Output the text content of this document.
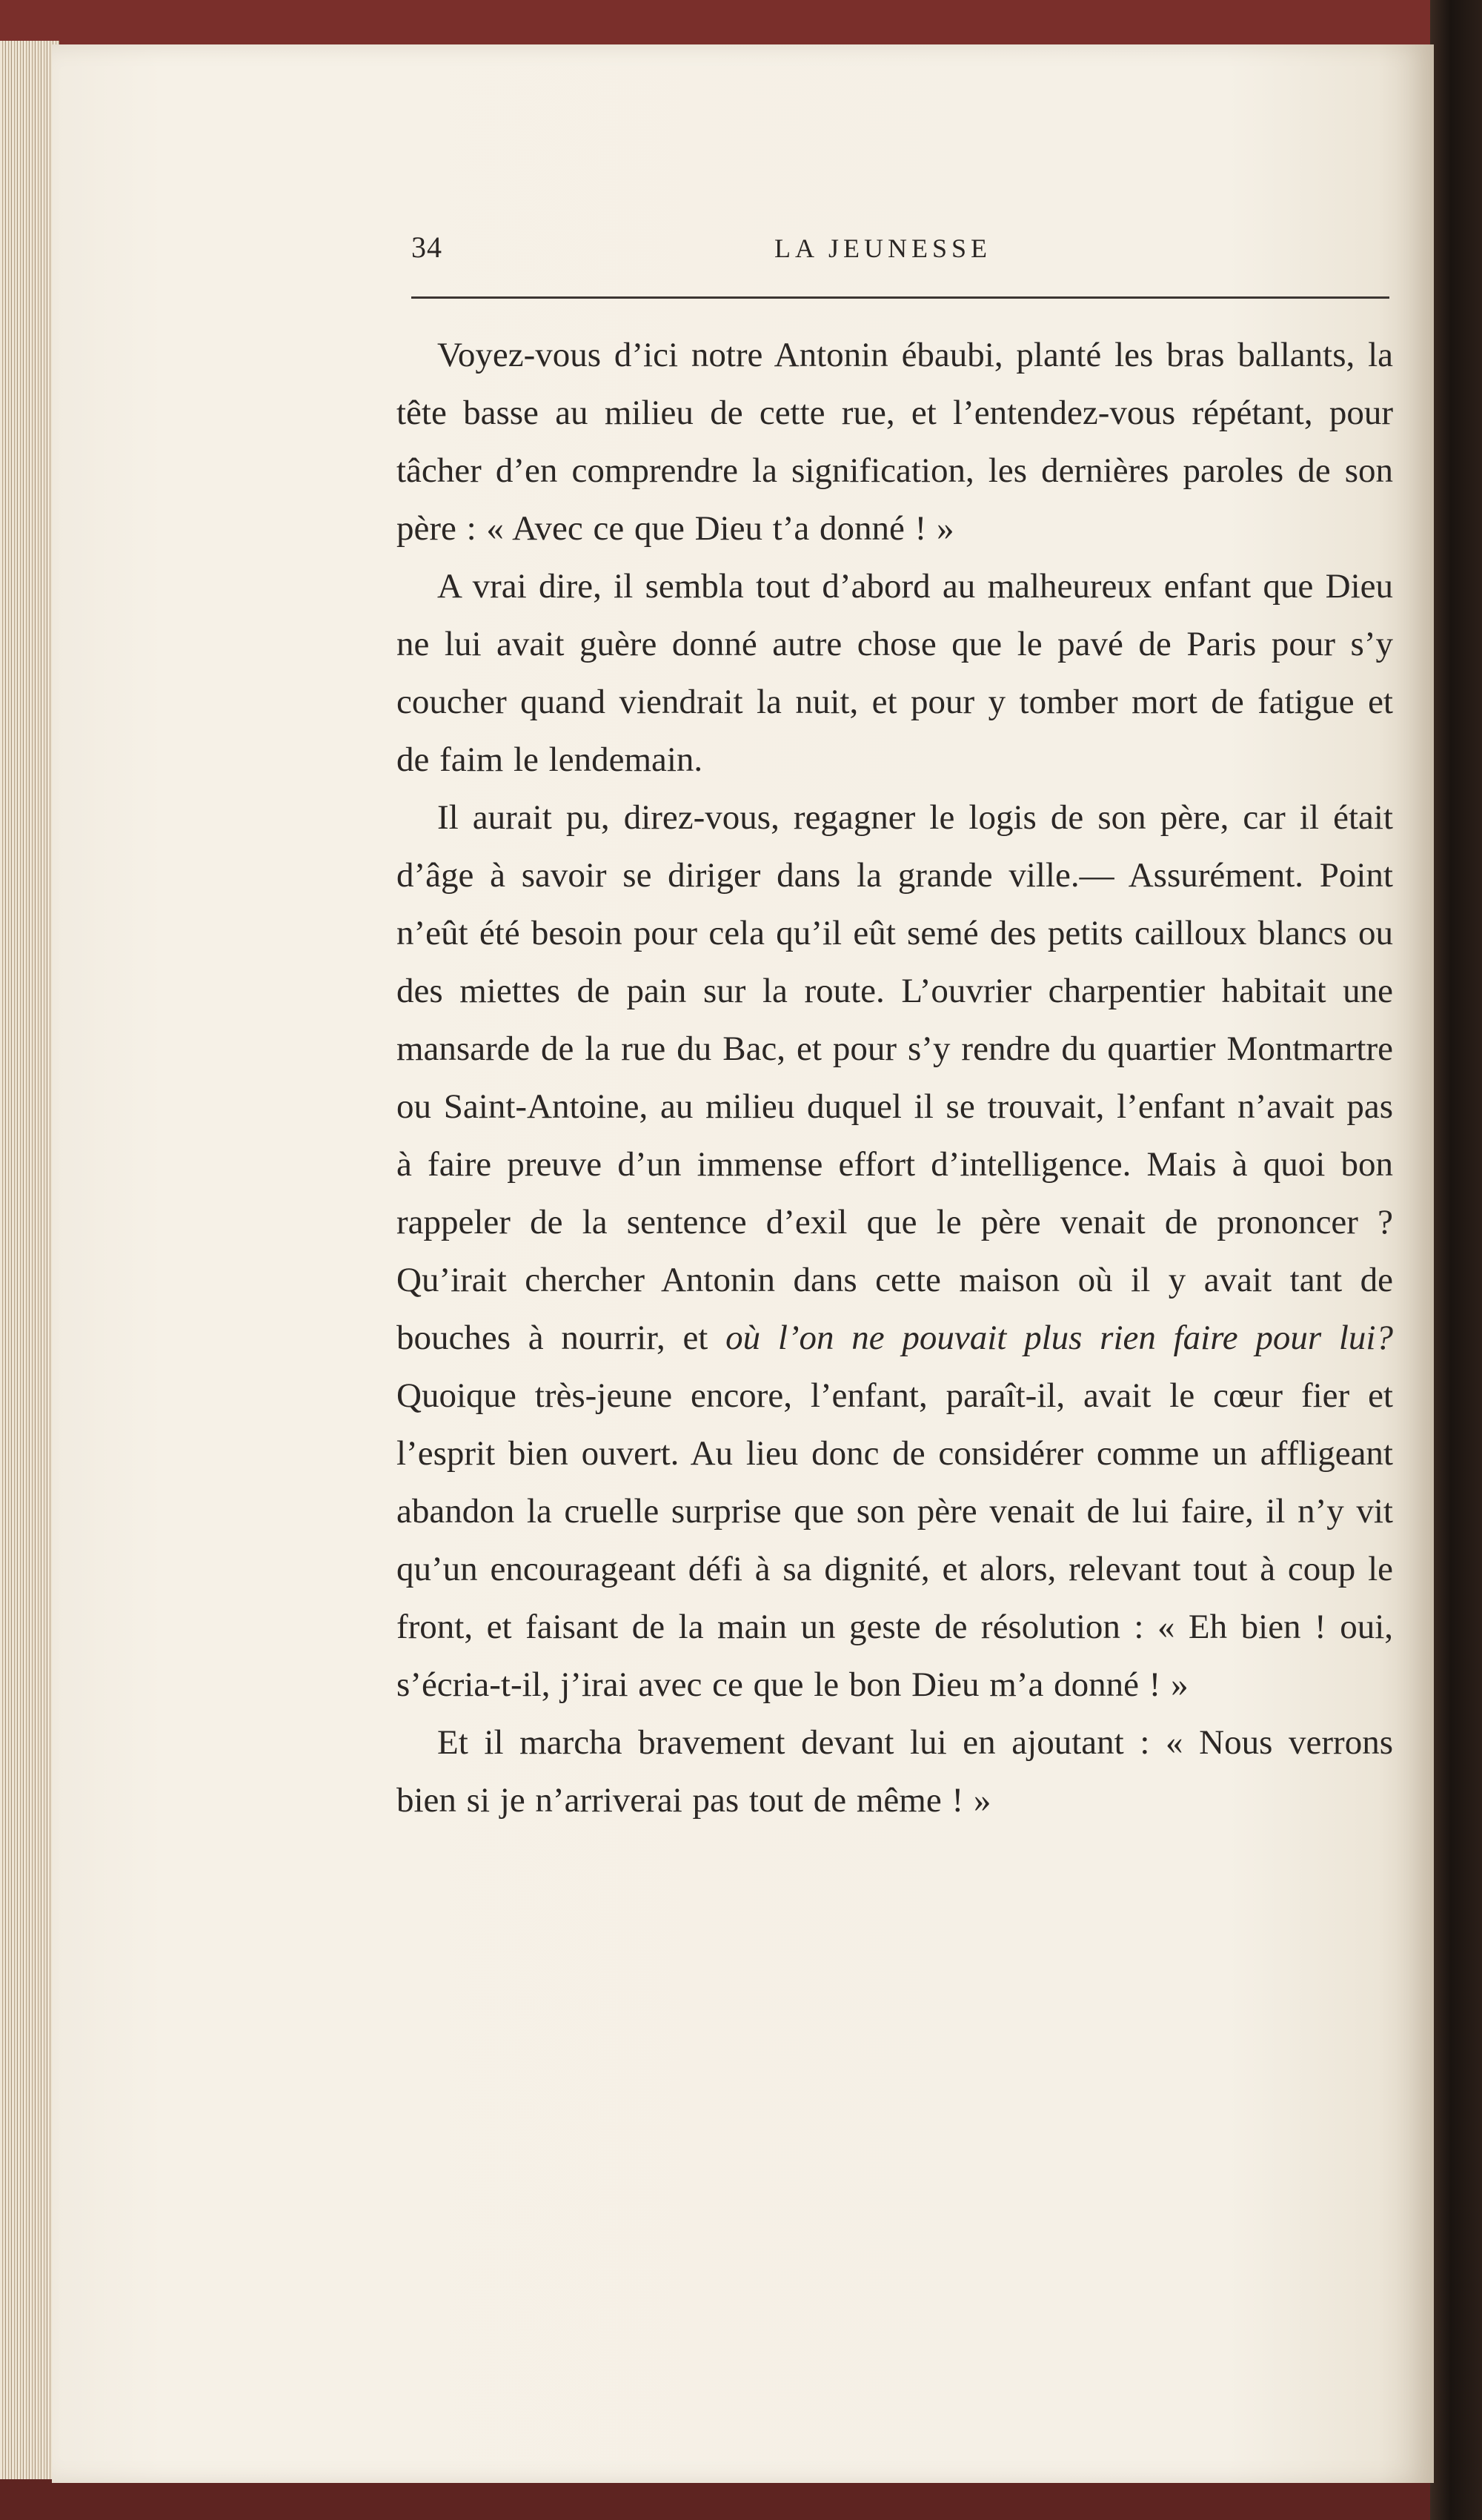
34	LA JEUNESSE

Voyez-vous d’ici notre Antonin ébaubi, planté les bras ballants, la tête basse au milieu de cette rue, et l’entendez-vous répétant, pour tâcher d’en comprendre la signification, les dernières paroles de son père : « Avec ce que Dieu t’a donné ! »

A vrai dire, il sembla tout d’abord au malheureux enfant que Dieu ne lui avait guère donné autre chose que le pavé de Paris pour s’y coucher quand viendrait la nuit, et pour y tomber mort de fatigue et de faim le lendemain.

Il aurait pu, direz-vous, regagner le logis de son père, car il était d’âge à savoir se diriger dans la grande ville.— Assurément. Point n’eût été besoin pour cela qu’il eût semé des petits cailloux blancs ou des miettes de pain sur la route. L’ouvrier charpentier habitait une mansarde de la rue du Bac, et pour s’y rendre du quartier Montmartre ou Saint-Antoine, au milieu duquel il se trouvait, l’enfant n’avait pas à faire preuve d’un immense effort d’intelligence. Mais à quoi bon rappeler de la sentence d’exil que le père venait de prononcer ? Qu’irait chercher Antonin dans cette maison où il y avait tant de bouches à nourrir, et où l’on ne pouvait plus rien faire pour lui? Quoique très-jeune encore, l’enfant, paraît-il, avait le cœur fier et l’esprit bien ouvert. Au lieu donc de considérer comme un affligeant abandon la cruelle surprise que son père venait de lui faire, il n’y vit qu’un encourageant défi à sa dignité, et alors, relevant tout à coup le front, et faisant de la main un geste de résolution : « Eh bien ! oui, s’écria-t-il, j’irai avec ce que le bon Dieu m’a donné ! »

Et il marcha bravement devant lui en ajoutant : « Nous verrons bien si je n’arriverai pas tout de même ! »
